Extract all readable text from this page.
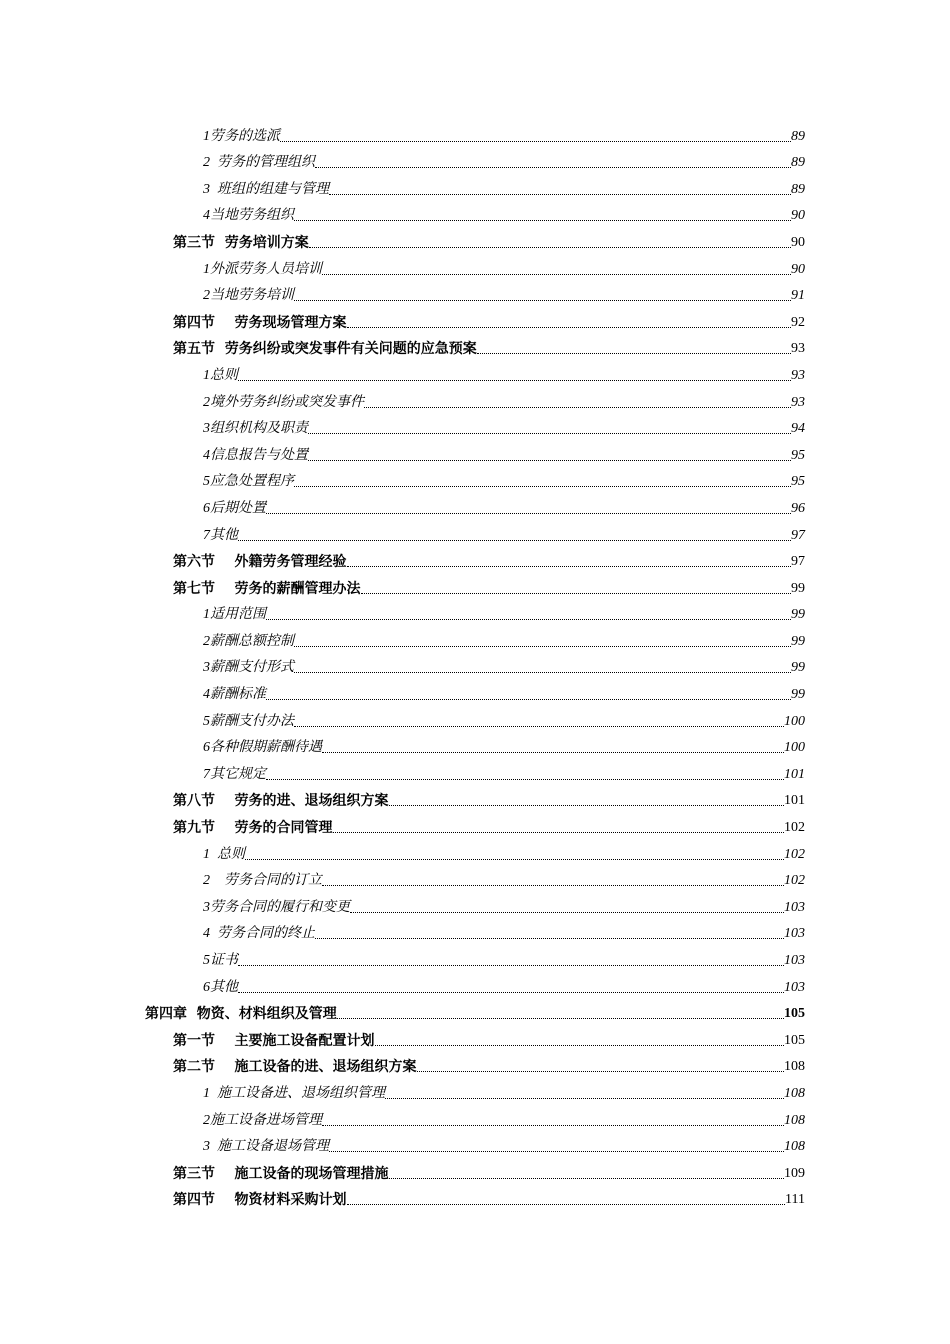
1劳务的选派	89
2  劳务的管理组织	89
3  班组的组建与管理	89
4当地劳务组织	90
第三节  劳务培训方案	90
1外派劳务人员培训	90
2当地劳务培训	91
第四节    劳务现场管理方案	92
第五节  劳务纠纷或突发事件有关问题的应急预案	93
1总则	93
2境外劳务纠纷或突发事件	93
3组织机构及职责	94
4信息报告与处置	95
5应急处置程序	95
6后期处置	96
7其他	97
第六节    外籍劳务管理经验	97
第七节    劳务的薪酬管理办法	99
1适用范围	99
2薪酬总额控制	99
3薪酬支付形式	99
4薪酬标准	99
5薪酬支付办法	100
6各种假期薪酬待遇	100
7其它规定	101
第八节    劳务的进、退场组织方案	101
第九节    劳务的合同管理	102
1  总则	102
2    劳务合同的订立	102
3劳务合同的履行和变更	103
4  劳务合同的终止	103
5证书	103
6其他	103
第四章  物资、材料组织及管理	105
第一节    主要施工设备配置计划	105
第二节    施工设备的进、退场组织方案	108
1  施工设备进、退场组织管理	108
2施工设备进场管理	108
3  施工设备退场管理	108
第三节    施工设备的现场管理措施	109
第四节    物资材料采购计划	111
